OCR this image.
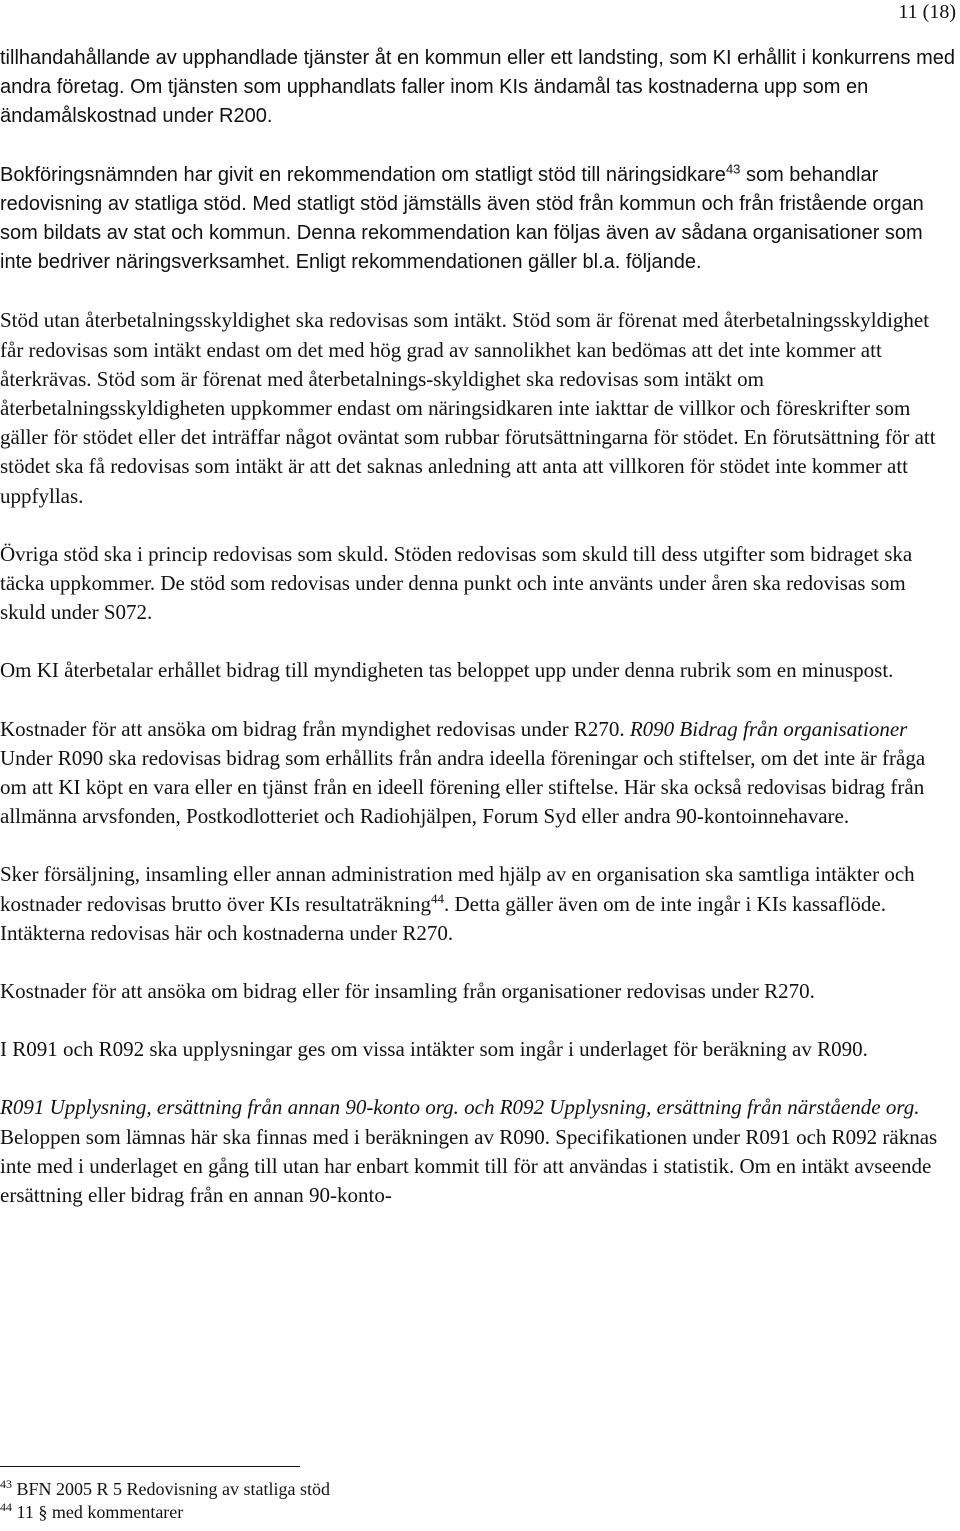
11 (18)

tillhandahållande av upphandlade tjänster åt en kommun eller ett landsting, som KI erhållit i konkurrens med andra företag. Om tjänsten som upphandlats faller inom KIs ändamål tas kostnaderna upp som en ändamålskostnad under R200.

Bokföringsnämnden har givit en rekommendation om statligt stöd till näringsidkare$^{43}$ som behandlar redovisning av statliga stöd. Med statligt stöd jämställs även stöd från kommun och från fristående organ som bildats av stat och kommun. Denna rekommendation kan följas även av sådana organisationer som inte bedriver näringsverksamhet. Enligt rekommendationen gäller bl.a. följande.

Stöd utan återbetalningsskyldighet ska redovisas som intäkt. Stöd som är förenat med återbetalningsskyldighet får redovisas som intäkt endast om det med hög grad av sannolikhet kan bedömas att det inte kommer att återkrävas. Stöd som är förenat med återbetalnings-skyldighet ska redovisas som intäkt om återbetalningsskyldigheten uppkommer endast om näringsidkaren inte iakttar de villkor och föreskrifter som gäller för stödet eller det inträffar något oväntat som rubbar förutsättningarna för stödet. En förutsättning för att stödet ska få redovisas som intäkt är att det saknas anledning att anta att villkoren för stödet inte kommer att uppfyllas.

Övriga stöd ska i princip redovisas som skuld. Stöden redovisas som skuld till dess utgifter som bidraget ska täcka uppkommer. De stöd som redovisas under denna punkt och inte använts under åren ska redovisas som skuld under S072.

Om KI återbetalar erhållet bidrag till myndigheten tas beloppet upp under denna rubrik som en minuspost.

Kostnader för att ansöka om bidrag från myndighet redovisas under R270. R090 Bidrag från organisationer

Under R090 ska redovisas bidrag som erhållits från andra ideella föreningar och stiftelser, om det inte är fråga om att KI köpt en vara eller en tjänst från en ideell förening eller stiftelse. Här ska också redovisas bidrag från allmänna arvsfonden, Postkodlotteriet och Radiohjälpen, Forum Syd eller andra 90-kontoinnehavare.

Sker försäljning, insamling eller annan administration med hjälp av en organisation ska samtliga intäkter och kostnader redovisas brutto över KIs resultaträkning$^{44}$. Detta gäller även om de inte ingår i KIs kassaflöde. Intäkterna redovisas här och kostnaderna under R270.

Kostnader för att ansöka om bidrag eller för insamling från organisationer redovisas under R270.

I R091 och R092 ska upplysningar ges om vissa intäkter som ingår i underlaget för beräkning av R090.

R091 Upplysning, ersättning från annan 90-konto org. och R092 Upplysning, ersättning från närstående org.

Beloppen som lämnas här ska finnas med i beräkningen av R090. Specifikationen under R091 och R092 räknas inte med i underlaget en gång till utan har enbart kommit till för att användas i statistik. Om en intäkt avseende ersättning eller bidrag från en annan 90-konto-

$^{43}$ BFN 2005 R 5 Redovisning av statliga stöd
$^{44}$ 11 § med kommentarer
